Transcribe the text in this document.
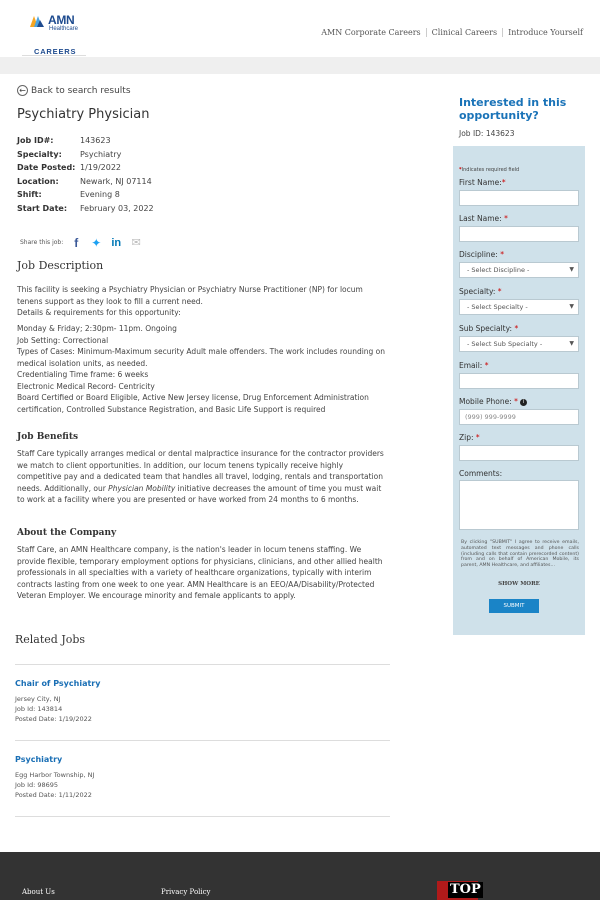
AMN
Healthcare
CAREERS
AMN Corporate Careers	Clinical Careers	Introduce Yourself
← Back to search results
Psychiatry Physician
Job ID#:	143623
Specialty:	Psychiatry
Date Posted: 1/19/2022
Location:	Newark, NJ 07114
Shift:	Evening 8
Start Date:	February 03, 2022
Share this job: f	✦ in ✉
Job Description

This facility is seeking a Psychiatry Physician or Psychiatry Nurse Practitioner (NP) for locum tenens support as they look to fill a current need.

Details & requirements for this opportunity:

Monday & Friday; 2:30pm- 11pm. Ongoing

Job Setting: Correctional

Types of Cases: Minimum-Maximum security Adult male offenders. The work includes rounding on medical isolation units, as needed.

Credentialing Time frame: 6 weeks

Electronic Medical Record- Centricity

Board Certified or Board Eligible, Active New Jersey license, Drug Enforcement Administration certification, Controlled Substance Registration, and Basic Life Support is required

Job Benefits

Staff Care typically arranges medical or dental malpractice insurance for the contractor providers we match to client opportunities. In addition, our locum tenens typically receive highly competitive pay and a dedicated team that handles all travel, lodging, rentals and transportation needs. Additionally, our Physician Mobility initiative decreases the amount of time you must wait to work at a facility where you are presented or have worked from 24 months to 6 months.

About the Company

Staff Care, an AMN Healthcare company, is the nation's leader in locum tenens staffing. We provide flexible, temporary employment options for physicians, clinicians, and other allied health professionals in all specialties with a variety of healthcare organizations, typically with interim contracts lasting from one week to one year. AMN Healthcare is an EEO/AA/Disability/Protected Veteran Employer. We encourage minority and female applicants to apply.

Related Jobs
Chair of Psychiatry
Jersey City, NJ
Job Id: 143814
Posted Date: 1/19/2022
Psychiatry
Egg Harbor Township, NJ
Job Id: 98695
Posted Date: 1/11/2022
Interested in this opportunity?
Job ID: 143623
*Indicates required field
First Name:*
Last Name: *
Discipline: *
- Select Discipline -	▼
Specialty: *
- Select Specialty -	▼
Sub Specialty: *
- Select Sub Specialty -	▼
Email: *
Mobile Phone: * i
(999) 999-9999
Zip: *
Comments:
By clicking "SUBMIT" I agree to receive emails, automated text messages and phone calls (including calls that contain prerecorded content) from and on behalf of American Mobile, its parent, AMN Healthcare, and affiliates...
SHOW MORE
SUBMIT
About Us	Privacy Policy	TOP
